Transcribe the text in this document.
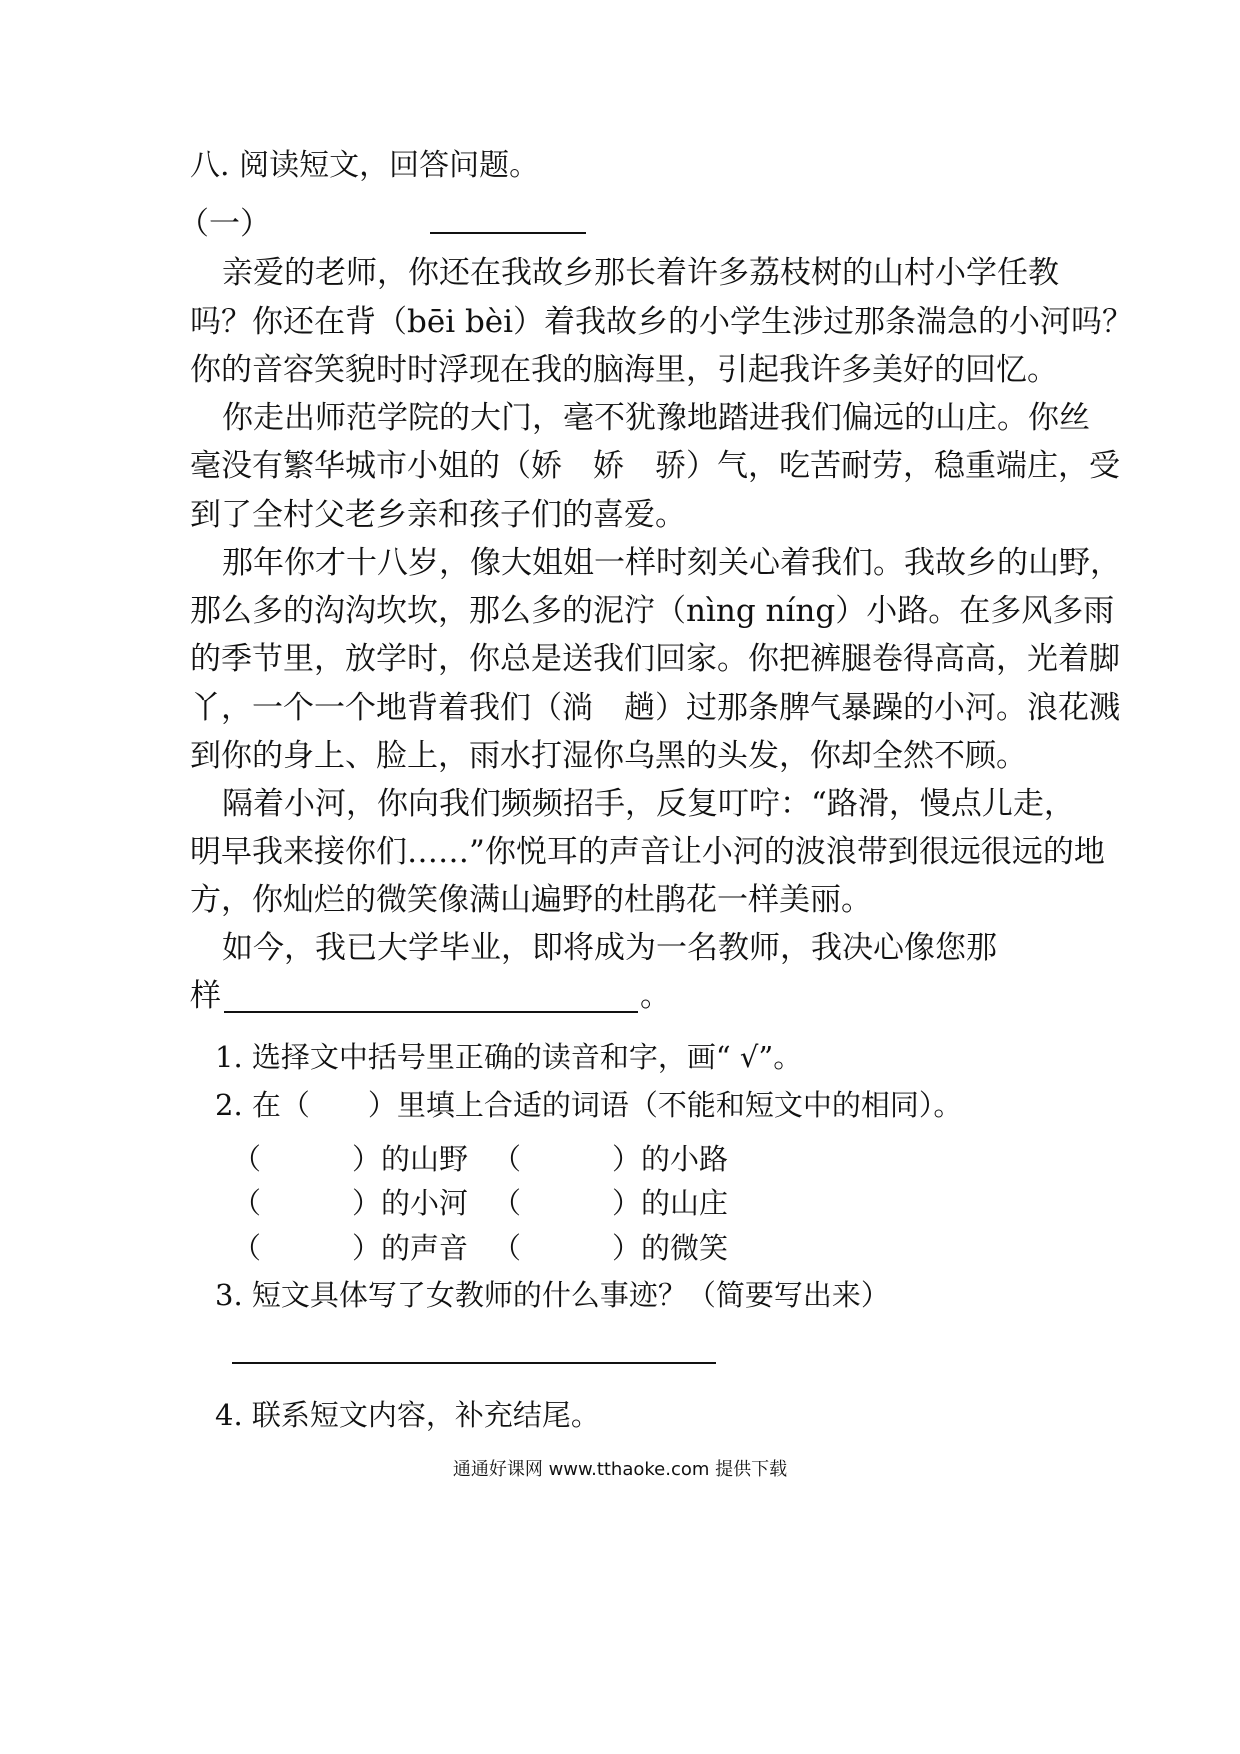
八. 阅读短文，回答问题。
（一）
亲爱的老师，你还在我故乡那长着许多荔枝树的山村小学任教
吗？你还在背（bēi bèi）着我故乡的小学生涉过那条湍急的小河吗？
你的音容笑貌时时浮现在我的脑海里，引起我许多美好的回忆。
你走出师范学院的大门，毫不犹豫地踏进我们偏远的山庄。你丝
毫没有繁华城市小姐的（娇　娇　骄）气，吃苦耐劳，稳重端庄，受
到了全村父老乡亲和孩子们的喜爱。
那年你才十八岁，像大姐姐一样时刻关心着我们。我故乡的山野，
那么多的沟沟坎坎，那么多的泥泞（nìng níng）小路。在多风多雨
的季节里，放学时，你总是送我们回家。你把裤腿卷得高高，光着脚
丫，一个一个地背着我们（淌　趟）过那条脾气暴躁的小河。浪花溅
到你的身上、脸上，雨水打湿你乌黑的头发，你却全然不顾。
隔着小河，你向我们频频招手，反复叮咛：“路滑，慢点儿走，
明早我来接你们……”你悦耳的声音让小河的波浪带到很远很远的地
方，你灿烂的微笑像满山遍野的杜鹃花一样美丽。
如今，我已大学毕业，即将成为一名教师，我决心像您那
样	。
1. 选择文中括号里正确的读音和字，画“ √”。
2. 在（　　）里填上合适的词语（不能和短文中的相同）。
（	）的山野 （	）的小路
（	）的小河 （	）的山庄
（	）的声音 （	）的微笑
3. 短文具体写了女教师的什么事迹？（简要写出来）
4. 联系短文内容，补充结尾。
通通好课网 www.tthaoke.com 提供下载
